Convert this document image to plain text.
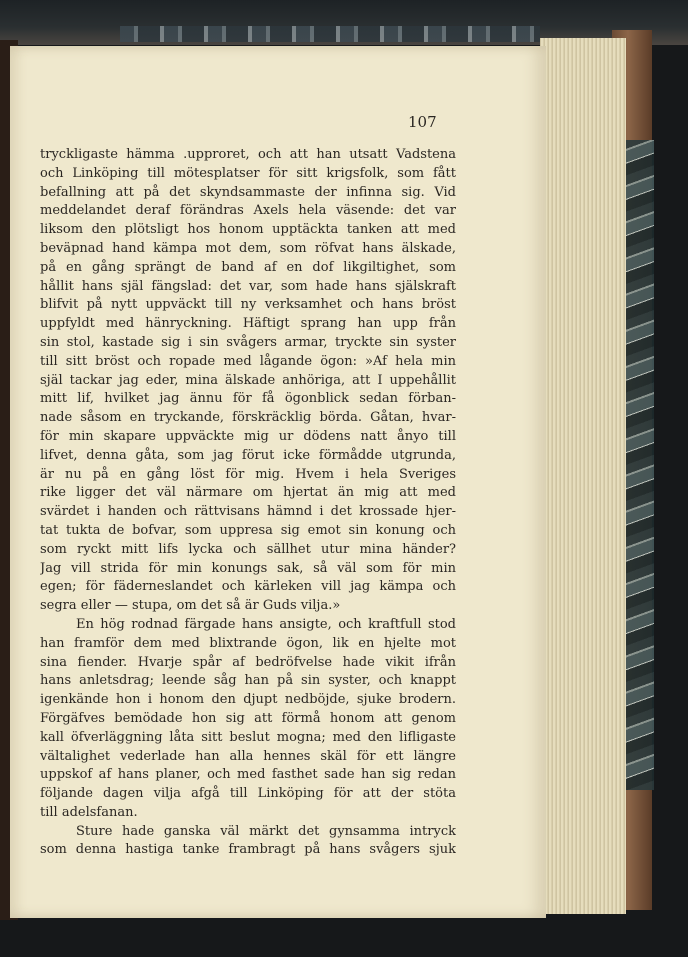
107
tryckligaste hämma .upproret, och att han utsatt Vadstena
och Linköping till mötesplatser för sitt krigsfolk, som fått
befallning att på det skyndsammaste der infinna sig. Vid
meddelandet deraf förändras Axels hela väsende: det var
liksom den plötsligt hos honom upptäckta tanken att med
beväpnad hand kämpa mot dem, som röfvat hans älskade,
på en gång sprängt de band af en dof likgiltighet, som
hållit hans själ fängslad: det var, som hade hans själskraft
blifvit på nytt uppväckt till ny verksamhet och hans bröst
uppfyldt med hänryckning. Häftigt sprang han upp från
sin stol, kastade sig i sin svågers armar, tryckte sin syster
till sitt bröst och ropade med lågande ögon: »Af hela min
själ tackar jag eder, mina älskade anhöriga, att I uppehållit
mitt lif, hvilket jag ännu för få ögonblick sedan förban-
nade såsom en tryckande, förskräcklig börda. Gåtan, hvar-
för min skapare uppväckte mig ur dödens natt ånyo till
lifvet, denna gåta, som jag förut icke förmådde utgrunda,
är nu på en gång löst för mig. Hvem i hela Sveriges
rike ligger det väl närmare om hjertat än mig att med
svärdet i handen och rättvisans hämnd i det krossade hjer-
tat tukta de bofvar, som uppresa sig emot sin konung och
som ryckt mitt lifs lycka och sällhet utur mina händer?
Jag vill strida för min konungs sak, så väl som för min
egen; för fäderneslandet och kärleken vill jag kämpa och
segra eller — stupa, om det så är Guds vilja.»
En hög rodnad färgade hans ansigte, och kraftfull stod
han framför dem med blixtrande ögon, lik en hjelte mot
sina fiender. Hvarje spår af bedröfvelse hade vikit ifrån
hans anletsdrag; leende såg han på sin syster, och knappt
igenkände hon i honom den djupt nedböjde, sjuke brodern.
Förgäfves bemödade hon sig att förmå honom att genom
kall öfverläggning låta sitt beslut mogna; med den lifligaste
vältalighet vederlade han alla hennes skäl för ett längre
uppskof af hans planer, och med fasthet sade han sig redan
följande dagen vilja afgå till Linköping för att der stöta
till adelsfanan.
Sture hade ganska väl märkt det gynsamma intryck
som denna hastiga tanke frambragt på hans svågers sjuk
